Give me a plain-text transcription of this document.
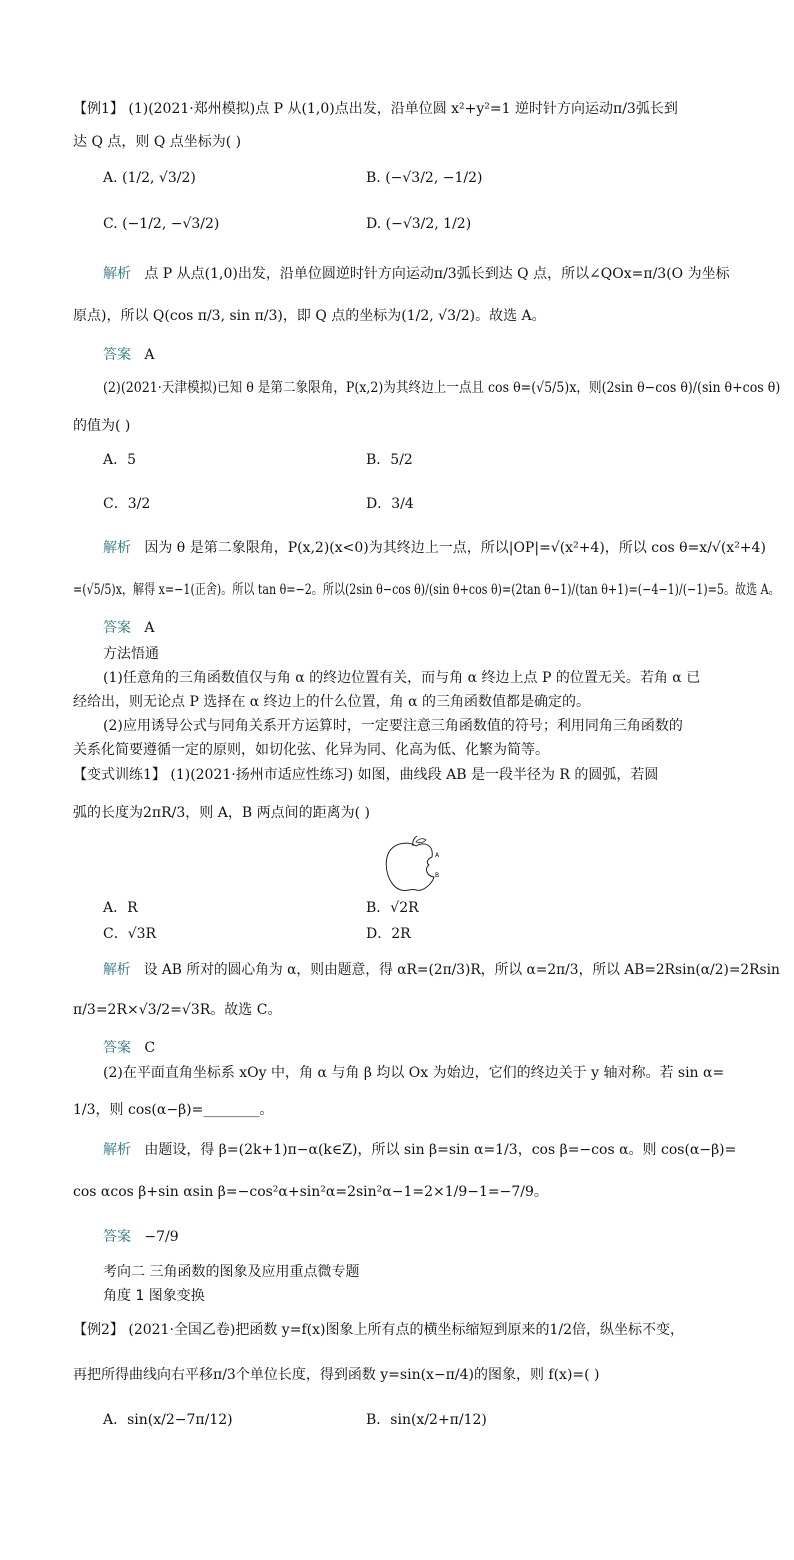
【例1】 (1)(2021·郑州模拟)点 P 从(1,0)点出发，沿单位圆 x²+y²=1 逆时针方向运动π/3弧长到
达 Q 点，则 Q 点坐标为( )
A. (1/2, √3/2)	B. (−√3/2, −1/2)
C. (−1/2, −√3/2)	D. (−√3/2, 1/2)
解析 点 P 从点(1,0)出发，沿单位圆逆时针方向运动π/3弧长到达 Q 点，所以∠QOx=π/3(O 为坐标
原点)，所以 Q(cos π/3, sin π/3)，即 Q 点的坐标为(1/2, √3/2)。故选 A。
答案 A
(2)(2021·天津模拟)已知 θ 是第二象限角，P(x,2)为其终边上一点且 cos θ=(√5/5)x，则(2sin θ−cos θ)/(sin θ+cos θ)
的值为( )
A．5	B．5/2
C．3/2	D．3/4
解析 因为 θ 是第二象限角，P(x,2)(x<0)为其终边上一点，所以|OP|=√(x²+4)，所以 cos θ=x/√(x²+4)
=(√5/5)x，解得 x=−1(正舍)。所以 tan θ=−2。所以(2sin θ−cos θ)/(sin θ+cos θ)=(2tan θ−1)/(tan θ+1)=(−4−1)/(−1)=5。故选 A。
答案 A
方法悟通
(1)任意角的三角函数值仅与角 α 的终边位置有关，而与角 α 终边上点 P 的位置无关。若角 α 已
经给出，则无论点 P 选择在 α 终边上的什么位置，角 α 的三角函数值都是确定的。
(2)应用诱导公式与同角关系开方运算时，一定要注意三角函数值的符号；利用同角三角函数的
关系化简要遵循一定的原则，如切化弦、化异为同、化高为低、化繁为简等。
【变式训练1】 (1)(2021·扬州市适应性练习) 如图，曲线段 AB 是一段半径为 R 的圆弧，若圆
弧的长度为2πR/3，则 A，B 两点间的距离为( )
A
B
A．R	B．√2R
C．√3R	D．2R
解析 设 AB 所对的圆心角为 α，则由题意，得 αR=(2π/3)R，所以 α=2π/3，所以 AB=2Rsin(α/2)=2Rsin
π/3=2R×√3/2=√3R。故选 C。
答案 C
(2)在平面直角坐标系 xOy 中，角 α 与角 β 均以 Ox 为始边，它们的终边关于 y 轴对称。若 sin α=
1/3，则 cos(α−β)=________。
解析 由题设，得 β=(2k+1)π−α(k∈Z)，所以 sin β=sin α=1/3，cos β=−cos α。则 cos(α−β)=
cos αcos β+sin αsin β=−cos²α+sin²α=2sin²α−1=2×1/9−1=−7/9。
答案 −7/9
考向二 三角函数的图象及应用重点微专题
角度 1 图象变换
【例2】 (2021·全国乙卷)把函数 y=f(x)图象上所有点的横坐标缩短到原来的1/2倍，纵坐标不变，
再把所得曲线向右平移π/3个单位长度，得到函数 y=sin(x−π/4)的图象，则 f(x)=( )
A．sin(x/2−7π/12)	B．sin(x/2+π/12)
